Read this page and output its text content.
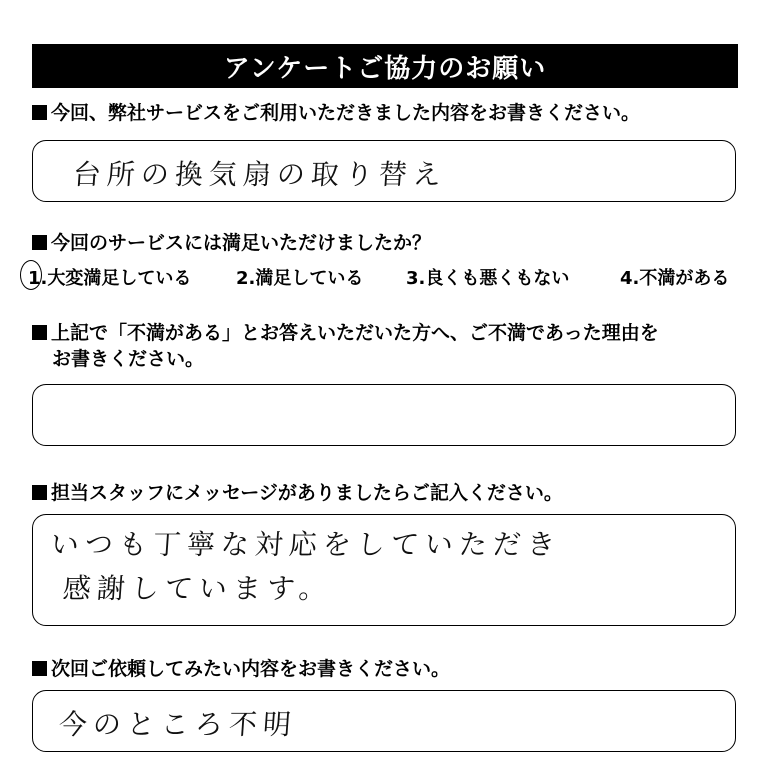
アンケートご協力のお願い
今回、弊社サービスをご利用いただきました内容をお書きください。
台所の換気扇の取り替え
今回のサービスには満足いただけましたか？
1.大変満足している 2.満足している 3.良くも悪くもない	4.不満がある
上記で「不満がある」とお答えいただいた方へ、ご不満であった理由を
お書きください。
担当スタッフにメッセージがありましたらご記入ください。
いつも丁寧な対応をしていただき
感謝しています。
次回ご依頼してみたい内容をお書きください。
今のところ不明
